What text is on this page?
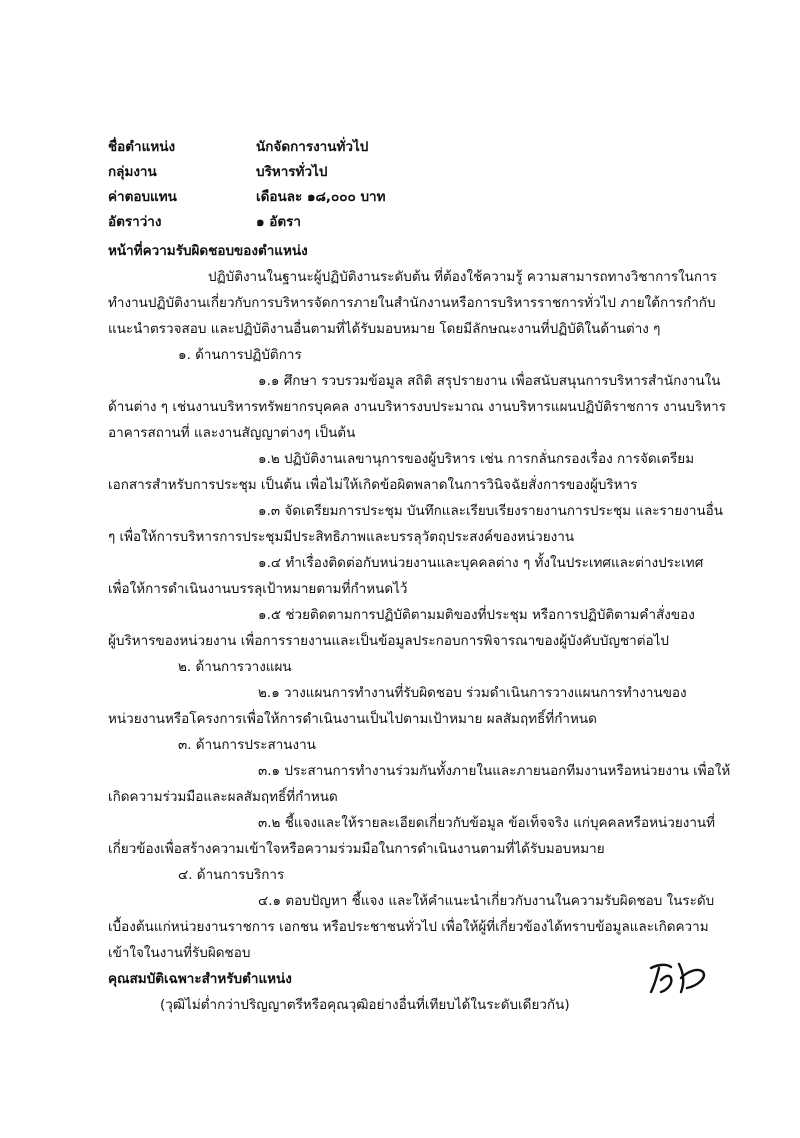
ชื่อตำแหน่ง	นักจัดการงานทั่วไป
กลุ่มงาน	บริหารทั่วไป
ค่าตอบแทน	เดือนละ ๑๘,๐๐๐ บาท
อัตราว่าง	๑ อัตรา
หน้าที่ความรับผิดชอบของตำแหน่ง
ปฏิบัติงานในฐานะผู้ปฏิบัติงานระดับต้น ที่ต้องใช้ความรู้ ความสามารถทางวิชาการในการ
ทำงานปฏิบัติงานเกี่ยวกับการบริหารจัดการภายในสำนักงานหรือการบริหารราชการทั่วไป ภายใต้การกำกับ
แนะนำตรวจสอบ และปฏิบัติงานอื่นตามที่ได้รับมอบหมาย โดยมีลักษณะงานที่ปฏิบัติในด้านต่าง ๆ
๑. ด้านการปฏิบัติการ
๑.๑ ศึกษา รวบรวมข้อมูล สถิติ สรุปรายงาน เพื่อสนับสนุนการบริหารสำนักงานใน
ด้านต่าง ๆ เช่นงานบริหารทรัพยากรบุคคล งานบริหารงบประมาณ งานบริหารแผนปฏิบัติราชการ งานบริหาร
อาคารสถานที่ และงานสัญญาต่างๆ เป็นต้น
๑.๒ ปฏิบัติงานเลขานุการของผู้บริหาร เช่น การกลั่นกรองเรื่อง การจัดเตรียม
เอกสารสำหรับการประชุม เป็นต้น เพื่อไม่ให้เกิดข้อผิดพลาดในการวินิจฉัยสั่งการของผู้บริหาร
๑.๓ จัดเตรียมการประชุม บันทึกและเรียบเรียงรายงานการประชุม และรายงานอื่น
ๆ เพื่อให้การบริหารการประชุมมีประสิทธิภาพและบรรลุวัตถุประสงค์ของหน่วยงาน
๑.๔ ทำเรื่องติดต่อกับหน่วยงานและบุคคลต่าง ๆ ทั้งในประเทศและต่างประเทศ
เพื่อให้การดำเนินงานบรรลุเป้าหมายตามที่กำหนดไว้
๑.๕ ช่วยติดตามการปฏิบัติตามมติของที่ประชุม หรือการปฏิบัติตามคำสั่งของ
ผู้บริหารของหน่วยงาน เพื่อการรายงานและเป็นข้อมูลประกอบการพิจารณาของผู้บังคับบัญชาต่อไป
๒. ด้านการวางแผน
๒.๑ วางแผนการทำงานที่รับผิดชอบ ร่วมดำเนินการวางแผนการทำงานของ
หน่วยงานหรือโครงการเพื่อให้การดำเนินงานเป็นไปตามเป้าหมาย ผลสัมฤทธิ์ที่กำหนด
๓. ด้านการประสานงาน
๓.๑ ประสานการทำงานร่วมกันทั้งภายในและภายนอกทีมงานหรือหน่วยงาน เพื่อให้
เกิดความร่วมมือและผลสัมฤทธิ์ที่กำหนด
๓.๒ ชี้แจงและให้รายละเอียดเกี่ยวกับข้อมูล ข้อเท็จจริง แก่บุคคลหรือหน่วยงานที่
เกี่ยวข้องเพื่อสร้างความเข้าใจหรือความร่วมมือในการดำเนินงานตามที่ได้รับมอบหมาย
๔. ด้านการบริการ
๔.๑ ตอบปัญหา ชี้แจง และให้คำแนะนำเกี่ยวกับงานในความรับผิดชอบ ในระดับ
เบื้องต้นแก่หน่วยงานราชการ เอกชน หรือประชาชนทั่วไป เพื่อให้ผู้ที่เกี่ยวข้องได้ทราบข้อมูลและเกิดความ
เข้าใจในงานที่รับผิดชอบ
คุณสมบัติเฉพาะสำหรับตำแหน่ง
(วุฒิไม่ต่ำกว่าปริญญาตรีหรือคุณวุฒิอย่างอื่นที่เทียบได้ในระดับเดียวกัน)
